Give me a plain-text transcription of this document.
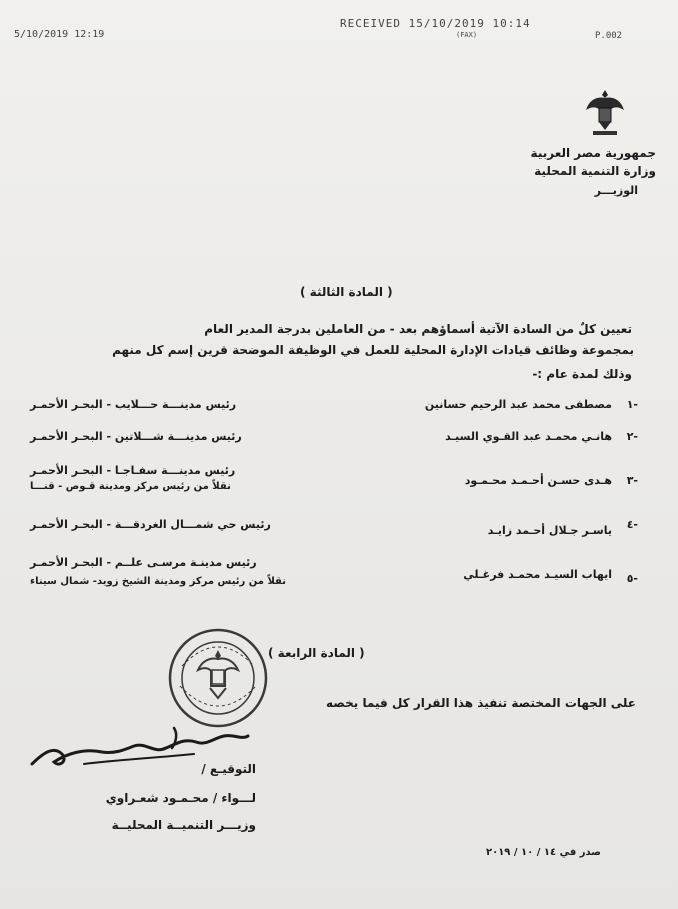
5/10/2019 12:19
RECEIVED 15/10/2019 10:14
(FAX)	P.002
جمهورية مصر العربية
وزارة التنمية المحلية
الوزيـــر
( المادة الثالثة )
تعيين كلٌ من السادة الآتية أسماؤهم بعد - من العاملين بدرجة المدير العام
بمجموعة وظائف قيادات الإدارة المحلية للعمل في الوظيفة الموضحة قرين إسم كل منهم
وذلك لمدة عام :-
١-
مصطفى محمد عبد الرحيم حسانين
رئيس مدينـــة حـــلايب - البحـر الأحمـر
٢-
هانـي محمـد عبد القـوي السيـد
رئيس مدينـــة شـــلاتين - البحـر الأحمـر
٣-
هـدى حسـن أحـمـد محـمـود
رئيس مدينـــة سفـاجـا - البحـر الأحمـر
نقلاً من رئيس مركز ومدينة قـوص - قنـــا
٤-
ياسـر جـلال أحـمد زايـد
رئيس حي شمـــال الغردقـــة - البحـر الأحمـر
٥-
ايهاب السيـد محمـد فرغـلي
رئيس مدينـة مرسـى علــم - البحـر الأحمـر
نقلاً من رئيس مركز ومدينة الشيخ زويد- شمال سيناء
( المادة الرابعة )
على الجهات المختصة تنفيذ هذا القرار كل فيما يخصه
التوقيـع /
لـــواء / محـمـود شعـراوي
وزيـــر التنميــة المحليــة
صدر في ١٤ / ١٠ / ٢٠١٩
